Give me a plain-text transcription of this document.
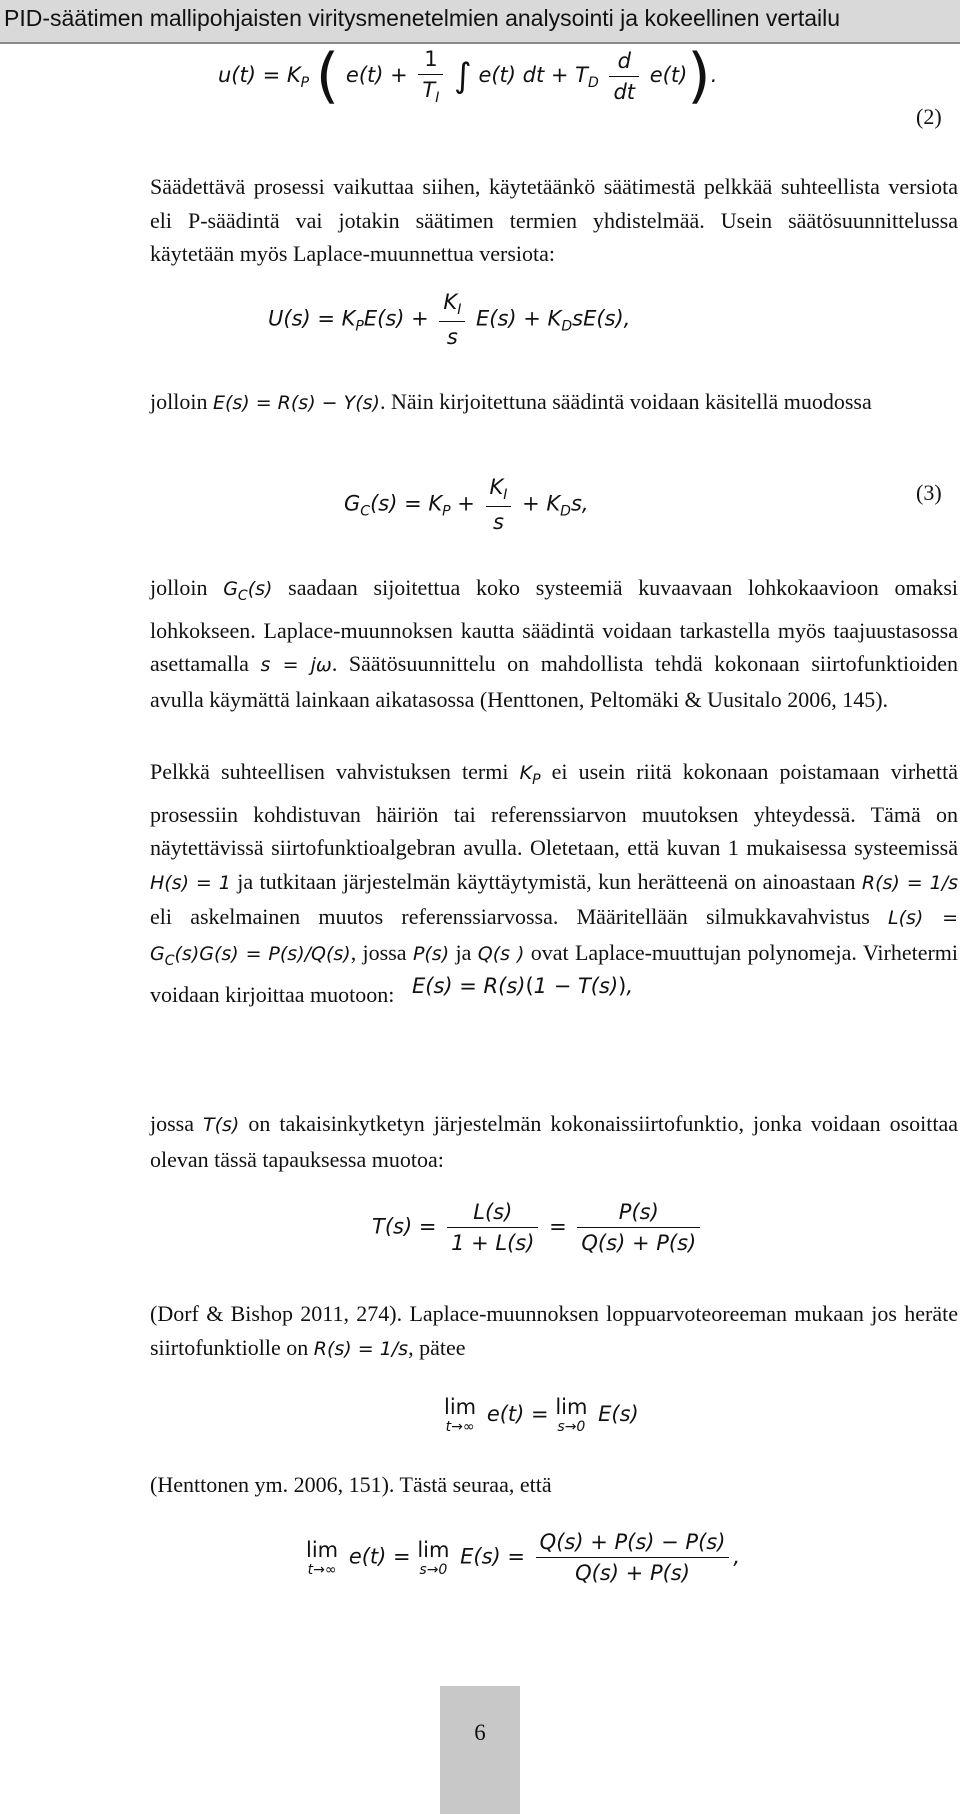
PID-säätimen mallipohjaisten viritysmenetelmien analysointi ja kokeellinen vertailu
$u(t) = K_P$ ( $e(t) + \frac{1}{T_I}$ ∫ e(t) dt + $T_D \frac{d}{dt} e(t)$).
(2)

Säädettävä prosessi vaikuttaa siihen, käytetäänkö säätimestä pelkkää suhteellista versiota eli P-säädintä vai jotakin säätimen termien yhdistelmää. Usein säätösuunnittelussa käytetään myös Laplace-muunnettua versiota:

$U(s) = K_PE(s) + \frac{K_I}{s} E(s) + K_DsE(s)$,

jolloin E(s) = R(s) − Y(s). Näin kirjoitettuna säädintä voidaan käsitellä muodossa

$G_C(s) = K_P + \frac{K_I}{s} + K_Ds$,	(3)

jolloin $G_C(s)$ saadaan sijoitettua koko systeemiä kuvaavaan lohkokaavioon omaksi lohkokseen. Laplace-muunnoksen kautta säädintä voidaan tarkastella myös taajuustasossa asettamalla s = jω. Säätösuunnittelu on mahdollista tehdä kokonaan siirtofunktioiden avulla käymättä lainkaan aikatasossa (Henttonen, Peltomäki & Uusitalo 2006, 145).

Pelkkä suhteellisen vahvistuksen termi $K_P$ ei usein riitä kokonaan poistamaan virhettä prosessiin kohdistuvan häiriön tai referenssiarvon muutoksen yhteydessä. Tämä on näytettävissä siirtofunktioalgebran avulla. Oletetaan, että kuvan 1 mukaisessa systeemissä H(s) = 1 ja tutkitaan järjestelmän käyttäytymistä, kun herätteenä on ainoastaan R(s) = 1/s eli askelmainen muutos referenssiarvossa. Määritellään silmukkavahvistus $L(s) = G_C(s)G(s) = P(s)/Q(s)$, jossa P(s) ja Q(s ) ovat Laplace-muuttujan polynomeja. Virhetermi voidaan kirjoittaa muotoon: E(s) = R(s)(1 − T(s)),

jossa T(s) on takaisinkytketyn järjestelmän kokonaissiirtofunktio, jonka voidaan osoittaa olevan tässä tapauksessa muotoa:

$T(s) = \frac{L(s)}{1 + L(s)} = \frac{P(s)}{Q(s) + P(s)}$

(Dorf & Bishop 2011, 274). Laplace-muunnoksen loppuarvoteoreeman mukaan jos heräte siirtofunktiolle on R(s) = 1/s, pätee

lim
t→∞
e(t) = lim
s→0
E(s)

(Henttonen ym. 2006, 151). Tästä seuraa, että

lim
t→∞
e(t) = lim
s→0
$E(s) = \frac{Q(s) + P(s) - P(s)}{Q(s) + P(s)}$ ,
6
